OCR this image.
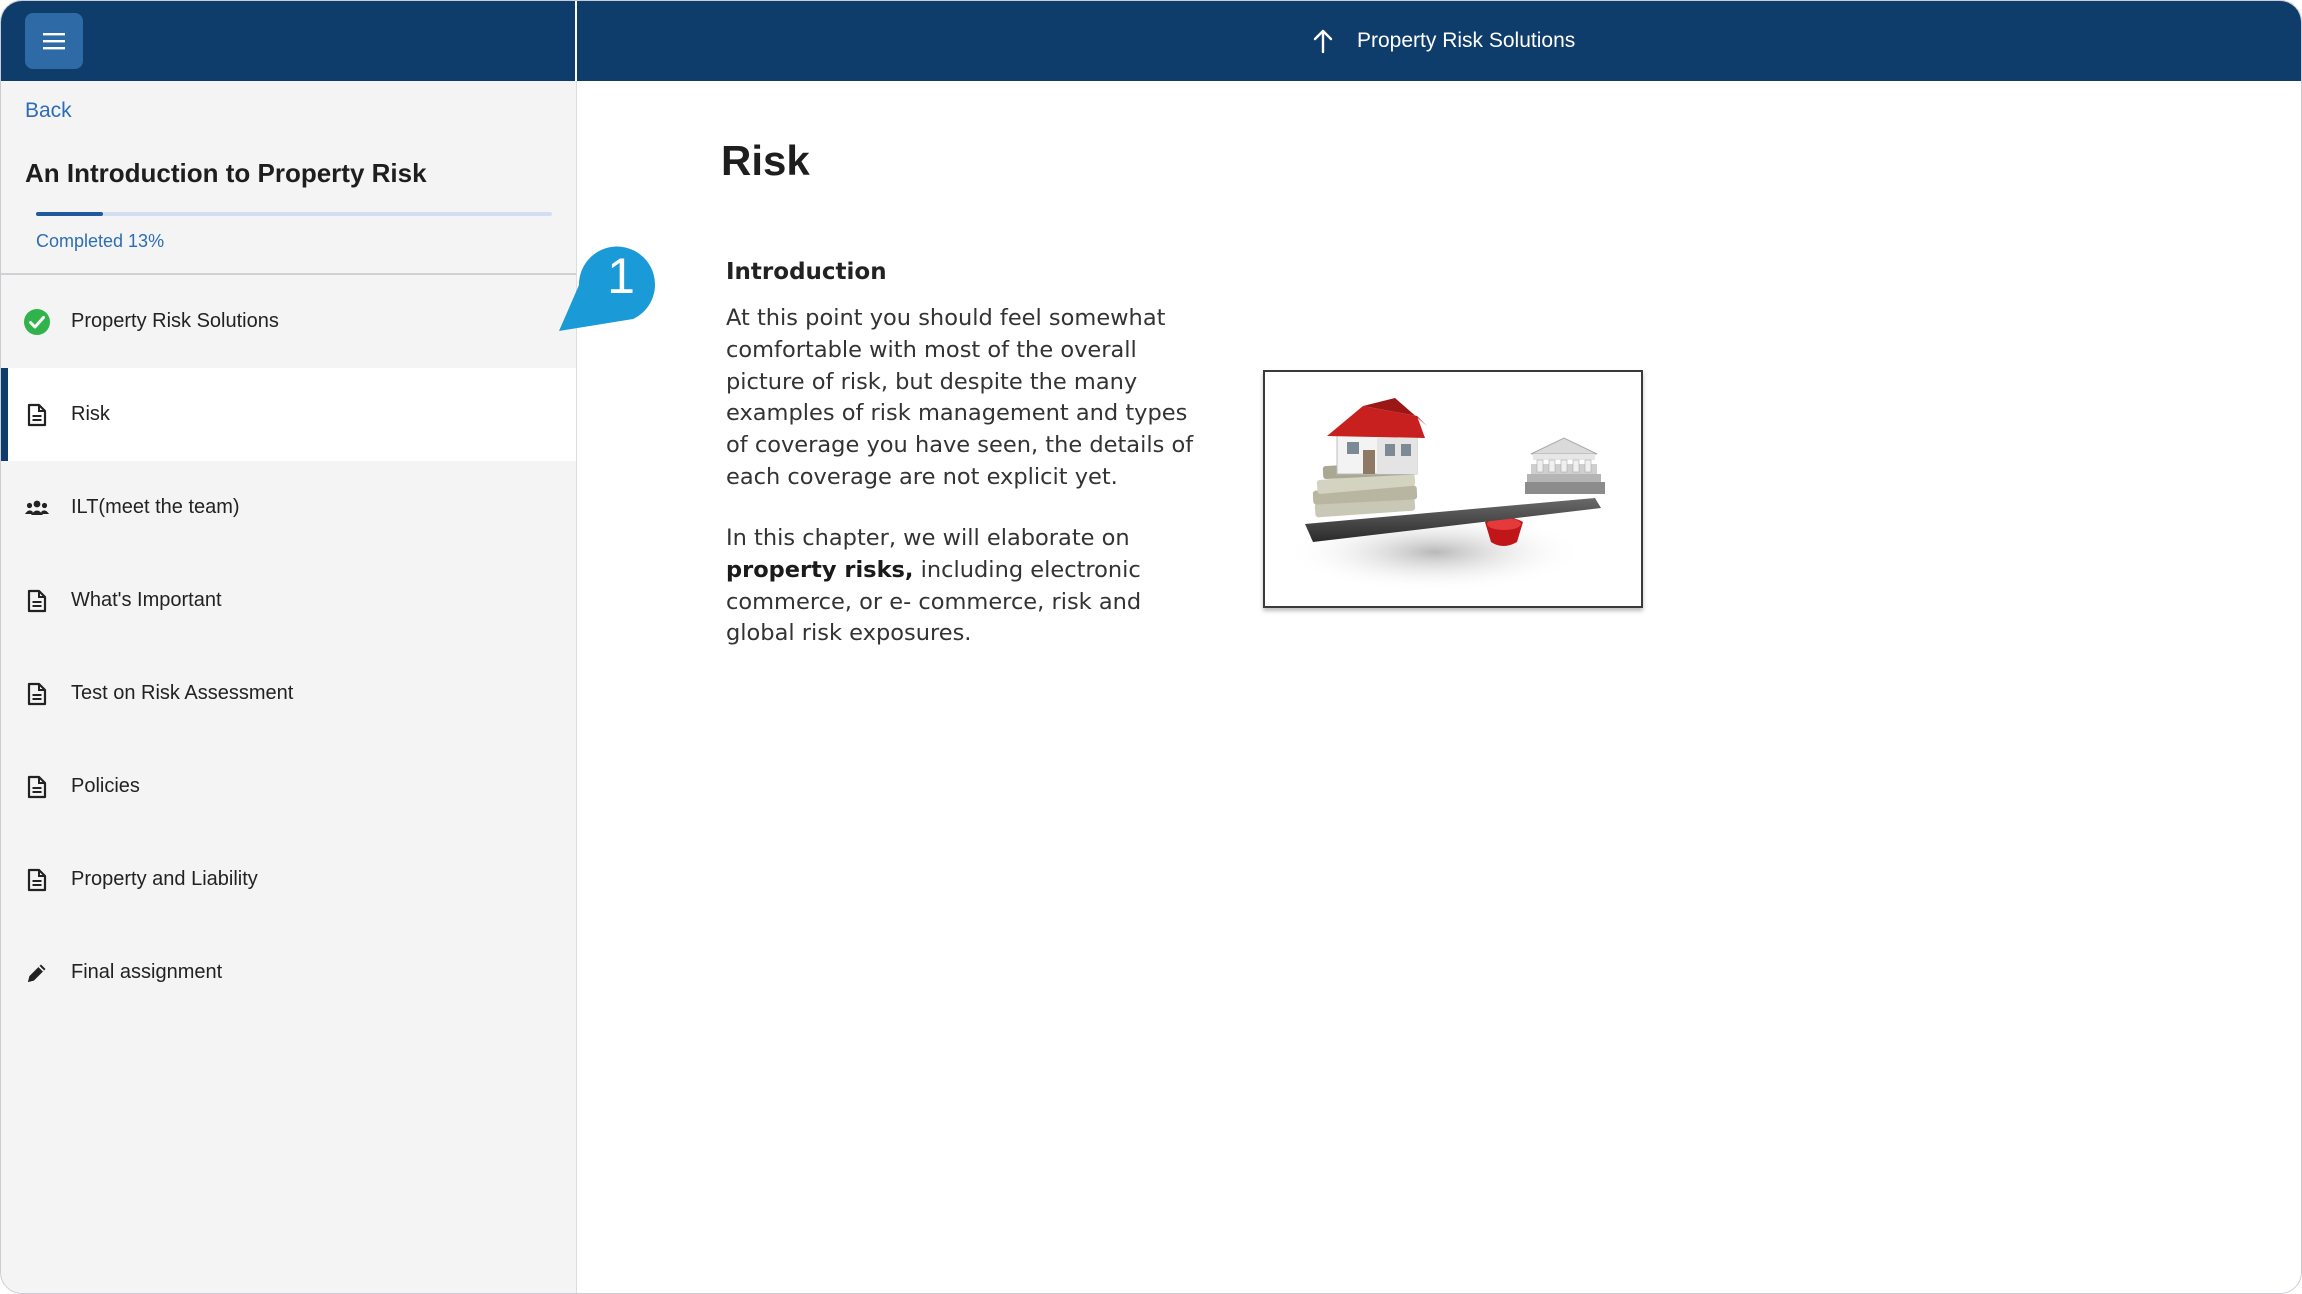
Property Risk Solutions
Back
An Introduction to Property Risk
Completed 13%
Property Risk Solutions
Risk
ILT(meet the team)
What's Important
Test on Risk Assessment
Policies
Property and Liability
Final assignment
Risk
Introduction
At this point you should feel somewhat comfortable with most of the overall picture of risk, but despite the many examples of risk management and types of coverage you have seen, the details of each coverage are not explicit yet.
In this chapter, we will elaborate on property risks, including electronic commerce, or e- commerce, risk and global risk exposures.
1
